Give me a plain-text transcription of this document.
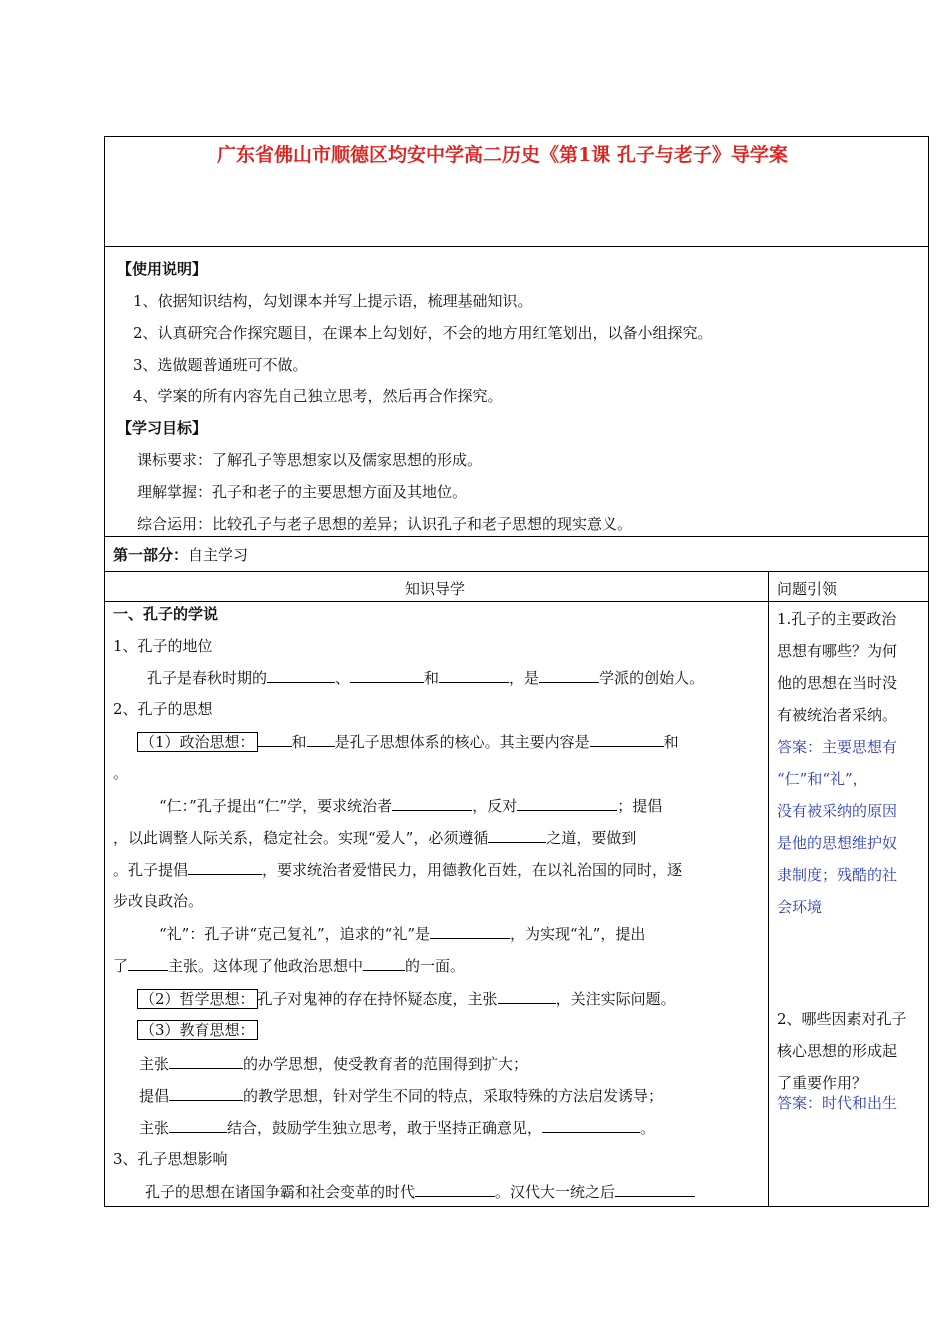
广东省佛山市顺德区均安中学高二历史《第1课 孔子与老子》导学案
【使用说明】
1、依据知识结构，勾划课本并写上提示语，梳理基础知识。
2、认真研究合作探究题目，在课本上勾划好，不会的地方用红笔划出，以备小组探究。
3、选做题普通班可不做。
4、学案的所有内容先自己独立思考，然后再合作探究。
【学习目标】
课标要求：了解孔子等思想家以及儒家思想的形成。
理解掌握：孔子和老子的主要思想方面及其地位。
综合运用：比较孔子与老子思想的差异；认识孔子和老子思想的现实意义。
第一部分：自主学习
知识导学	问题引领
一、孔子的学说
1、孔子的地位
孔子是春秋时期的	、	和	，是	学派的创始人。
2、孔子的思想
（1）政治思想： 和 是孔子思想体系的核心。其主要内容是	和
。
“仁：”孔子提出“仁”学，要求统治者	，反对	；提倡
，以此调整人际关系，稳定社会。实现“爱人”，必须遵循	之道，要做到
。孔子提倡	，要求统治者爱惜民力，用德教化百姓，在以礼治国的同时，逐
步改良政治。
“礼”：孔子讲“克己复礼”，追求的“礼”是	，为实现“礼”，提出
了	主张。这体现了他政治思想中	的一面。
（2）哲学思想： 孔子对鬼神的存在持怀疑态度，主张	，关注实际问题。
（3）教育思想：
主张	的办学思想，使受教育者的范围得到扩大；
提倡	的教学思想，针对学生不同的特点，采取特殊的方法启发诱导；
主张	结合，鼓励学生独立思考，敢于坚持正确意见，	。
3、孔子思想影响
孔子的思想在诸国争霸和社会变革的时代	。汉代大一统之后
1.孔子的主要政治
思想有哪些？为何
他的思想在当时没
有被统治者采纳。
答案：主要思想有
“仁”和“礼”，
没有被采纳的原因
是他的思想维护奴
隶制度；残酷的社
会环境
2、哪些因素对孔子
核心思想的形成起
了重要作用？
答案：时代和出生
